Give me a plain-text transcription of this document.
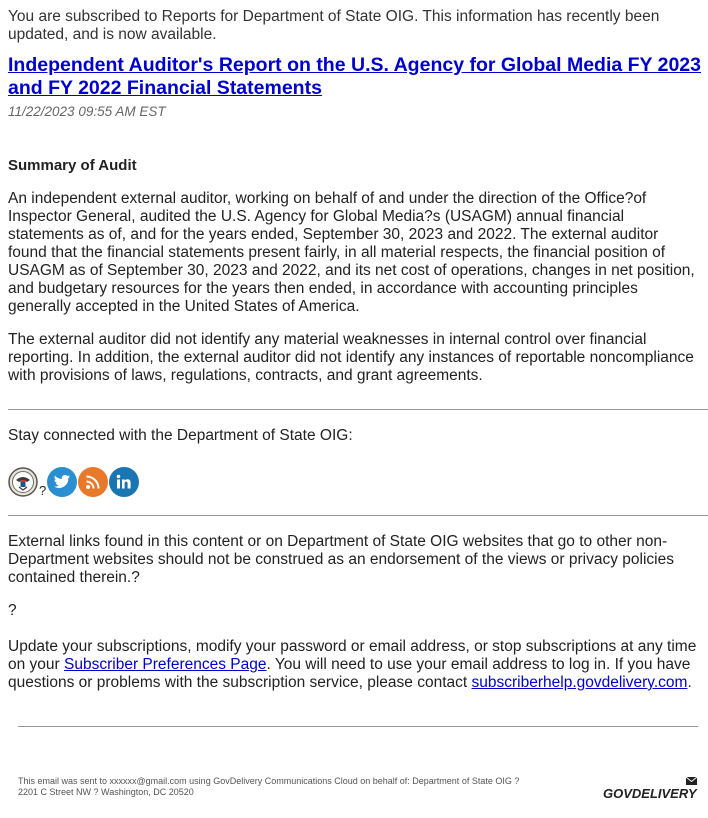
You are subscribed to Reports for Department of State OIG. This information has recently been updated, and is now available.

Independent Auditor's Report on the U.S. Agency for Global Media FY 2023 and FY 2022 Financial Statements
11/22/2023 09:55 AM EST
Summary of Audit

An independent external auditor, working on behalf of and under the direction of the Office?of Inspector General, audited the U.S. Agency for Global Media?s (USAGM) annual financial statements as of, and for the years ended, September 30, 2023 and 2022. The external auditor found that the financial statements present fairly, in all material respects, the financial position of USAGM as of September 30, 2023 and 2022, and its net cost of operations, changes in net position, and budgetary resources for the years then ended, in accordance with accounting principles generally accepted in the United States of America.

The external auditor did not identify any material weaknesses in internal control over financial reporting. In addition, the external auditor did not identify any instances of reportable noncompliance with provisions of laws, regulations, contracts, and grant agreements.

Stay connected with the Department of State OIG:
?

External links found in this content or on Department of State OIG websites that go to other non-Department websites should not be construed as an endorsement of the views or privacy policies contained therein.?

?

Update your subscriptions, modify your password or email address, or stop subscriptions at any time on your Subscriber Preferences Page. You will need to use your email address to log in. If you have questions or problems with the subscription service, please contact subscriberhelp.govdelivery.com.

This email was sent to xxxxxx@gmail.com using GovDelivery Communications Cloud on behalf of: Department of State OIG ?
2201 C Street NW ? Washington, DC 20520	GOVDELIVERY
